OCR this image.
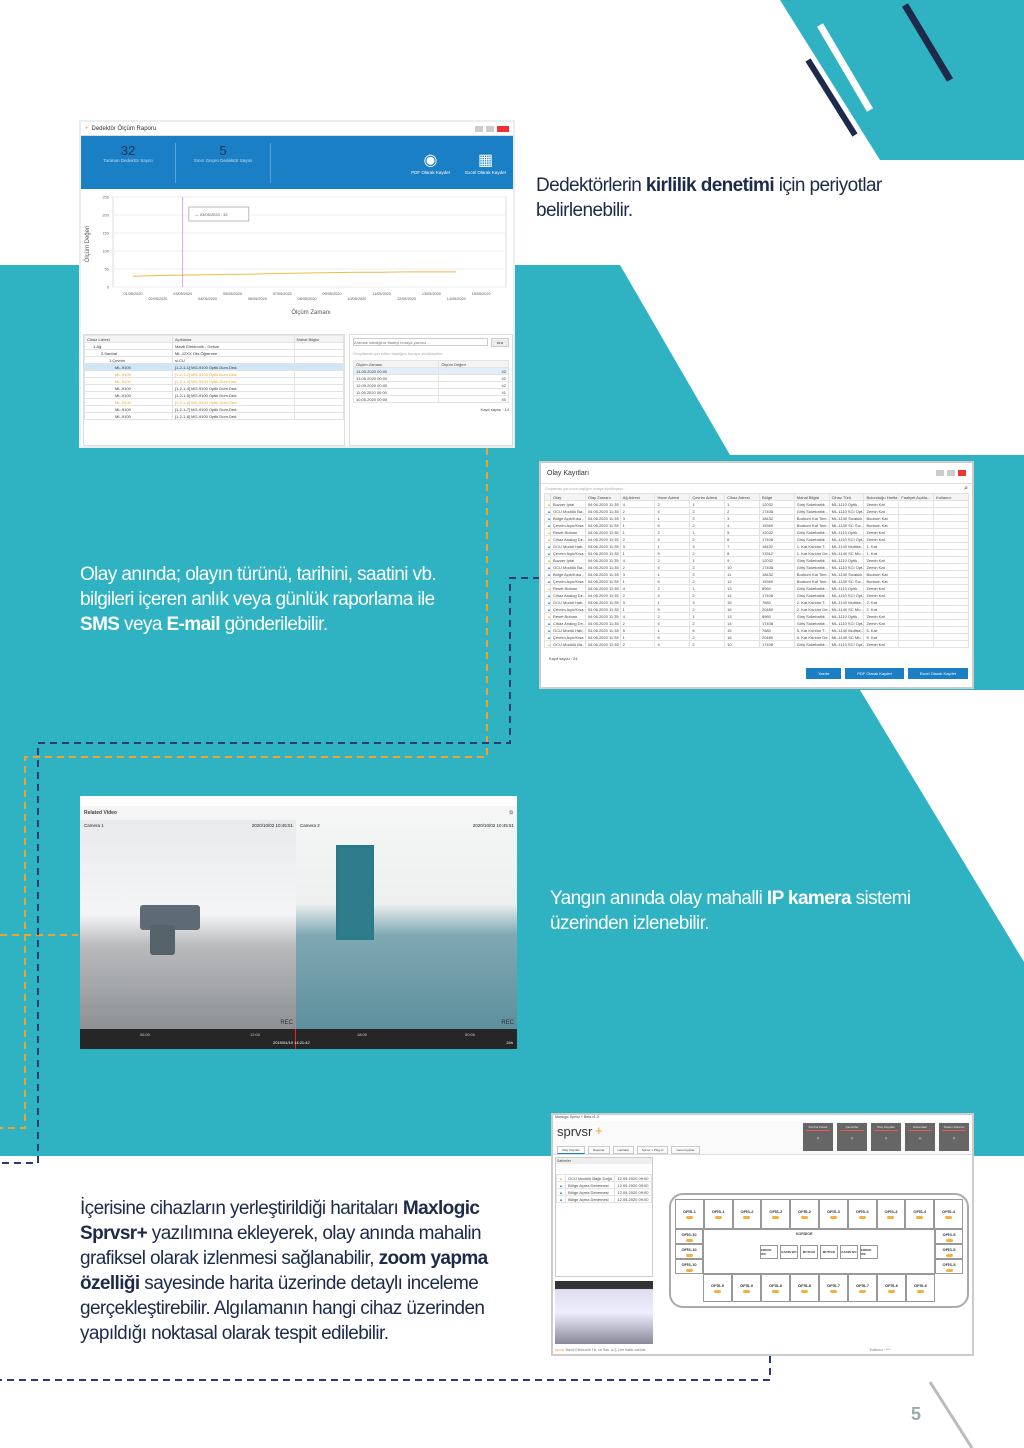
Dedektörlerin kirlilik denetimi için periyotlar belirlenebilir.
Olay anında; olayın türünü, tarihini, saatini vb. bilgileri içeren anlık veya günlük raporlama ile SMS veya E-mail gönderilebilir.
Yangın anında olay mahalli IP kamera sistemi üzerinden izlenebilir.
İçerisine cihazların yerleştirildiği haritaları Maxlogic Sprvsr+ yazılımına ekleyerek, olay anında mahalin grafiksel olarak izlenmesi sağlanabilir, zoom yapma özelliği sayesinde harita üzerinde detaylı inceleme gerçekleştirebilir. Algılamanın hangi cihaz üzerinden yapıldığı noktasal olarak tespit edilebilir.
5
+ Dedektör Ölçüm Raporu
32
Taranan Dedektör Sayısı
5
Sınırı Geçen Dedektör Sayısı	◉
PDF Olarak Kaydet
▦
Excel Olarak Kaydet
250
200
150
100
50
0
Ölçüm Değeri
01/05/2020	03/05/2020	05/05/2020	07/05/2020	09/05/2020	11/05/2020	13/05/2020	15/05/2020
02/05/2020	04/05/2020	06/05/2020	08/05/2020	10/05/2020	12/05/2020	14/05/2020
Ölçüm Zamanı
— 03/05/2020 : 32
Cihaz Listesi	Açıklama	Mahal Bilgisi
1.Ağ	Mavili Elektronik - Gebze	
2.Santral	ML-12XX Oto-Öğrenme	
1.Çevrim	sl.CU	
ML-9100	[1-2-1-1] MG-9100 Optik Dum.Ded.	
ML-9100	[1-2-1-2] MG-9100 Optik Dum.Ded.	
ML-9100	[1-2-1-3] MG-9100 Optik Dum.Ded.	
ML-9100	[1-2-1-4] MG-9100 Optik Dum.Ded.	
ML-9100	[1-2-1-5] MG-9100 Optik Dum.Ded.	
ML-9100	[1-2-1-6] MG-9100 Optik Dum.Ded.	
ML-9100	[1-2-1-7] MG-9100 Optik Dum.Ded.	
ML-9100	[1-2-1-8] MG-9100 Optik Dum.Ded.	
Aramak istediğiniz ifadeyi buraya yazınız ...
Ara
Gruplamak için sütun başlığını buraya sürükleyiniz...
Ölçüm Zamanı	Ölçüm Değeri
14.05.2020 00:00	42
13.05.2020 00:00	42
12.05.2020 00:00	42
11.05.2020 00:00	41
10.05.2020 00:00	40
Kayıt sayısı : 14
Olay Kayıtları
Gruplamak için kolon başlığını buraya sürükleyiniz...	⌕
	Olay	Olay Zamanı	Ağ Adresi	Hane Adresi	Çevrim Adresi	Cihaz Adresi	Bölge	Mahal Bilgisi	Cihaz Türü	Bulunduğu Harita	Faaliyet Açıkla...	Kullanıcı
▲	Buzzer İptal	04.06.2020 11:35	4	2	1	1	12032	Giriş Sokebatlık ..	ML-1110 Optik ..	Zemin Kat		
▲	GCU Modülü Ba..	04.06.2020 11:35	2	4	2	2	17408	Giriş Sokebatlık ..	ML-1110 SCI Opt..	Zemin Kat		
▲	Bölge Açık/Kısa ..	04.06.2020 11:35	3	1	3	3	18432	Bodrum Kat Tem..	ML-1130 Sıcaklık	Bodrum Kat		
▲	Çevrim Açık/Kısa	04.06.2020 11:35	1	5	2	4	15360	Bodrum Kat Tem..	ML-1130 SC Sıc..	Bodrum Kat		
▲	Reset Butonu	04.06.2020 11:35	1	2	1	5	12032	Giriş Sokebatlık ..	ML-1110 Optik ..	Zemin Kat		
▲	Cihaz Analog De..	04.06.2020 11:35	2	4	2	6	17408	Giriş Sokebatlık ..	ML-1110 SCI Opt..	Zemin Kat		
▲	GCU Modül Hab..	04.06.2020 11:35	3	1	3	7	18432	1. Kat Koridor T..	ML-1140 Multise..	1. Kat		
▲	Çevrim Açık/Kısa	04.06.2020 11:35	1	5	2	8	13312	1. Kat Koridor De..	ML-1140 SC Mu..	1. Kat		
▲	Buzzer İptal	04.06.2020 11:35	4	2	1	9	12032	Giriş Sokebatlık ..	ML-1110 Optik ..	Zemin Kat		
▲	GCU Modülü Ba..	04.06.2020 11:35	2	4	2	10	17408	Giriş Sokebatlık ..	ML-1110 SCI Opt..	Zemin Kat		
▲	Bölge Açık/Kısa ..	04.06.2020 11:35	3	1	3	11	18432	Bodrum Kat Tem..	ML-1130 Sıcaklık	Bodrum Kat		
▲	Çevrim Açık/Kısa	04.06.2020 11:35	1	5	2	12	15360	Bodrum Kat Tem..	ML-1130 SC Sıc..	Bodrum Kat		
▲	Reset Butonu	04.06.2020 11:35	4	2	1	13	8960	Giriş Sokebatlık ..	ML-1110 Optik ..	Zemin Kat		
▲	Cihaz Analog De..	04.06.2020 11:35	2	4	2	14	17408	Giriş Sokebatlık ..	ML-1110 SCI Opt..	Zemin Kat		
▲	GCU Modül Hab..	04.06.2020 11:35	3	1	3	15	7680	2. Kat Koridor T..	ML-1140 Multise..	2. Kat		
▲	Çevrim Açık/Kısa	04.06.2020 11:35	1	5	2	16	20480	2. Kat Koridor De..	ML-1140 SC Mu..	2. Kat		
▲	Reset Butonu	04.06.2020 11:35	4	2	1	13	8960	Giriş Sokebatlık ..	ML-1110 Optik ..	Zemin Kat		
▲	Cihaz Analog De..	04.06.2020 11:35	2	4	2	14	17408	Giriş Sokebatlık ..	ML-1110 SCI Opt..	Zemin Kat		
▲	GCU Modül Hab..	04.06.2020 11:35	5	1	5	15	7680	5. Kat Koridor T..	ML-1140 Multise..	5. Kat		
▲	Çevrim Açık/Kısa	04.06.2020 11:35	1	5	2	16	20480	5. Kat Koridor De..	ML-1140 SC Mu..	5. Kat		
▲	GCU Modülü Ba..	04.06.2020 11:35	2	4	2	10	17408	Giriş Sokebatlık ..	ML-1110 SCI Opt..	Zemin Kat		
Kayıt sayısı : 24
Yazdır	PDF Olarak Kaydet	Excel Olarak Kaydet
Related Video	⧉
Camera 1	2020/10/02 10:45:51
REC
Camera 2	2020/10/02 10:45:51
REC
06:00	12:00	18:00	00:00
2019/04/19 14:21:42	24h
Maxlogic Sprvsr + Beta v1.0
sprvsr +
Olay Kayıtları	Raporlar	Haritalar	Sprvsr + Plug-In	Genel Ayarlar
Kontrol Paneli
◎
Çevrimler
◎
Olay Kayıtları
◎
Kameralar
◎
Sistem Durumu
◎
Sahneler
▲	GCU Modülü Bağlı Değil	12.05.2020 09:00
▲	Bölge Açma Denemesi	12.05.2020 09:00
▲	Bölge Açma Denemesi	12.05.2020 09:00
▲	Bölge Açma Denemesi	12.05.2020 09:00
OFİS-1	OFİS-1	OFİS-2	OFİS-2	OFİS-2	OFİS-3	OFİS-3	OFİS-3	OFİS-4	OFİS-4
OFİS-10
OFİS-10
OFİS-10
KORİDOR
ERKEK WC	KADIN WC	MUTFAK	MUTFAK	KADIN WC	ERKEK WC
OFİS-5
OFİS-5
OFİS-5
OFİS-9	OFİS-9	OFİS-8	OFİS-8	OFİS-7	OFİS-7	OFİS-6	OFİS-6
sprvsr
Mavili Elektronik Tic. ve San. A.Ş. Her hakkı saklıdır.	Kullanıcı : ***
